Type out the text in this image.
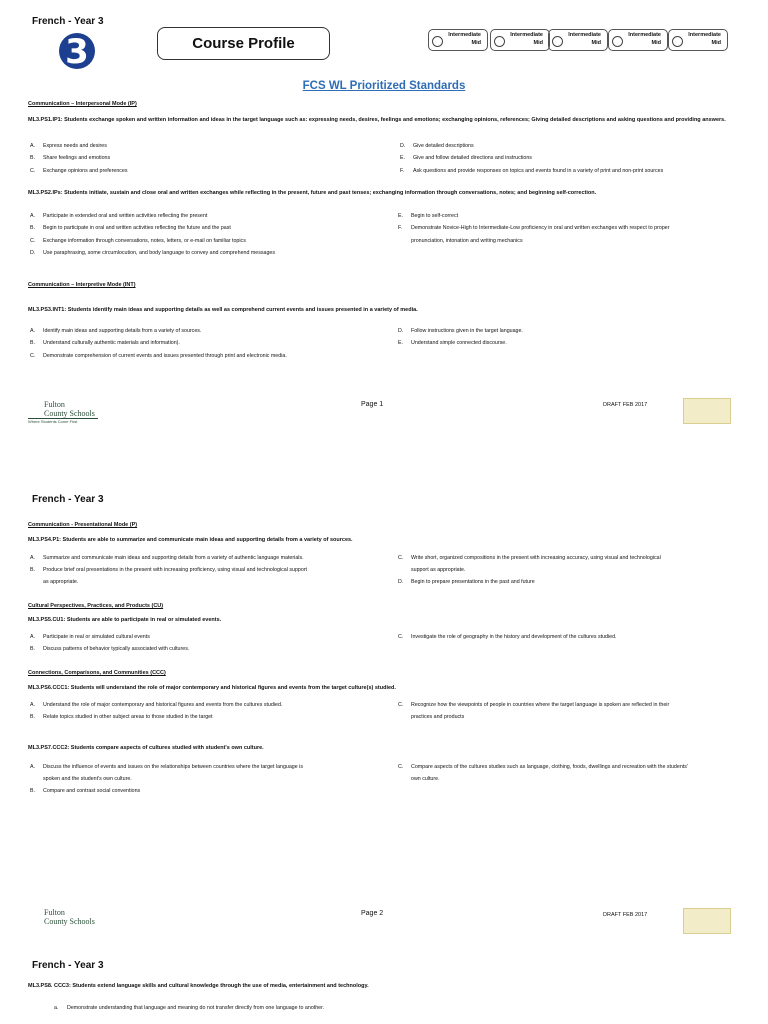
French - Year 3
3	Course Profile	Intermediate
Mid
Intermediate
Mid
Intermediate
Mid
Intermediate
Mid
Intermediate
Mid
FCS WL Prioritized Standards
Communication – Interpersonal Mode (IP)
ML3.PS1.IP1: Students exchange spoken and written information and ideas in the target language such as: expressing needs, desires, feelings and emotions; exchanging opinions, references; Giving detailed descriptions and asking questions and providing answers.
A. Express needs and desires
B. Share feelings and emotions
C. Exchange opinions and preferences
D. Give detailed descriptions
E. Give and follow detailed directions and instructions
F. Ask questions and provide responses on topics and events found in a variety of print and non-print sources
ML3.PS2.IPs: Students initiate, sustain and close oral and written exchanges while reflecting in the present, future and past tenses; exchanging information through conversations, notes; and beginning self-correction.
A. Participate in extended oral and written activities reflecting the present
B. Begin to participate in oral and written activities reflecting the future and the past
C. Exchange information through conversations, notes, letters, or e-mail on familiar topics
D. Use paraphrasing, some circumlocution, and body language to convey and comprehend messages
E. Begin to self-correct
F. Demonstrate Novice-High to Intermediate-Low proficiency in oral and written exchanges with respect to proper
pronunciation, intonation and writing mechanics
Communication – Interpretive Mode (INT)
ML3.PS3.INT1: Students identify main ideas and supporting details as well as comprehend current events and issues presented in a variety of media.
A. Identify main ideas and supporting details from a variety of sources.
B. Understand culturally authentic materials and information).
C. Demonstrate comprehension of current events and issues presented through print and electronic media.
D. Follow instructions given in the target language.
E. Understand simple connected discourse.
Fulton
County Schools
Where Students Come First
Page 1	DRAFT FEB 2017
French - Year 3
Communication - Presentational Mode (P)
ML3.PS4.P1: Students are able to summarize and communicate main ideas and supporting details from a variety of sources.
A. Summarize and communicate main ideas and supporting details from a variety of authentic language materials.
B. Produce brief oral presentations in the present with increasing proficiency, using visual and technological support
as appropriate.
C. Write short, organized compositions in the present with increasing accuracy, using visual and technological
support as appropriate.
D. Begin to prepare presentations in the past and future
Cultural Perspectives, Practices, and Products (CU)
ML3.PS5.CU1: Students are able to participate in real or simulated events.
A. Participate in real or simulated cultural events
B. Discuss patterns of behavior typically associated with cultures.
C. Investigate the role of geography in the history and development of the cultures studied.
Connections, Comparisons, and Communities (CCC)
ML3.PS6.CCC1: Students will understand the role of major contemporary and historical figures and events from the target culture(s) studied.
A. Understand the role of major contemporary and historical figures and events from the cultures studied.
B. Relate topics studied in other subject areas to those studied in the target
C. Recognize how the viewpoints of people in countries where the target language is spoken are reflected in their
practices and products
ML3.PS7.CCC2: Students compare aspects of cultures studied with student's own culture.
A. Discuss the influence of events and issues on the relationships between countries where the target language is
spoken and the student's own culture.
B. Compare and contrast social conventions
C. Compare aspects of the cultures studies such as language, clothing, foods, dwellings and recreation with the students'
own culture.
Fulton
County Schools
Page 2	DRAFT FEB 2017
French - Year 3
ML3.PS8. CCC3: Students extend language skills and cultural knowledge through the use of media, entertainment and technology.
a. Demonstrate understanding that language and meaning do not transfer directly from one language to another.
